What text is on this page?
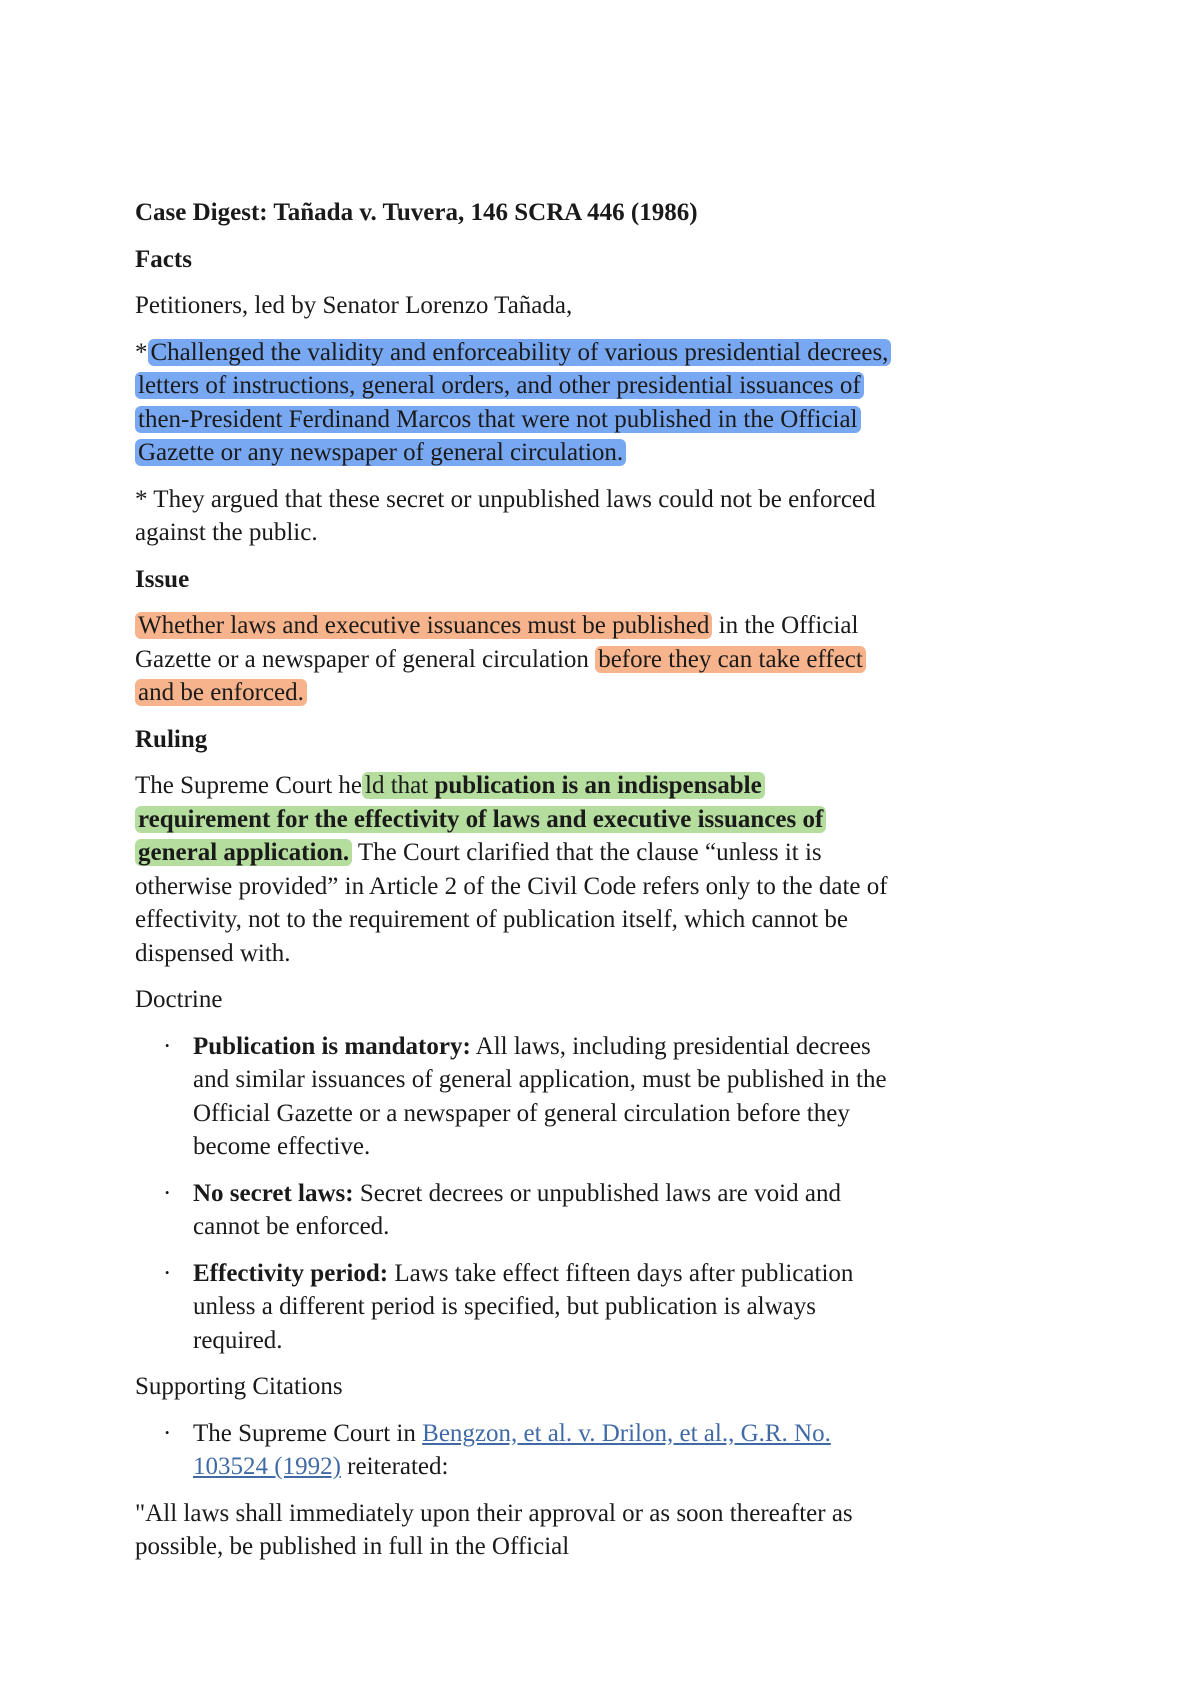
Case Digest: Tañada v. Tuvera, 146 SCRA 446 (1986)
Facts

Petitioners, led by Senator Lorenzo Tañada,

* Challenged the validity and enforceability of various presidential decrees, letters of instructions, general orders, and other presidential issuances of then-President Ferdinand Marcos that were not published in the Official Gazette or any newspaper of general circulation.

* They argued that these secret or unpublished laws could not be enforced against the public.

Issue

Whether laws and executive issuances must be published in the Official Gazette or a newspaper of general circulation before they can take effect and be enforced.

Ruling

The Supreme Court he ld that publication is an indispensable requirement for the effectivity of laws and executive issuances of general application. The Court clarified that the clause “unless it is otherwise provided” in Article 2 of the Civil Code refers only to the date of effectivity, not to the requirement of publication itself, which cannot be dispensed with.

Doctrine

· Publication is mandatory: All laws, including presidential decrees and similar issuances of general application, must be published in the Official Gazette or a newspaper of general circulation before they become effective.
· No secret laws: Secret decrees or unpublished laws are void and cannot be enforced.
· Effectivity period: Laws take effect fifteen days after publication unless a different period is specified, but publication is always required.

Supporting Citations

· The Supreme Court in Bengzon, et al. v. Drilon, et al., G.R. No. 103524 (1992) reiterated:

"All laws shall immediately upon their approval or as soon thereafter as possible, be published in full in the Official
